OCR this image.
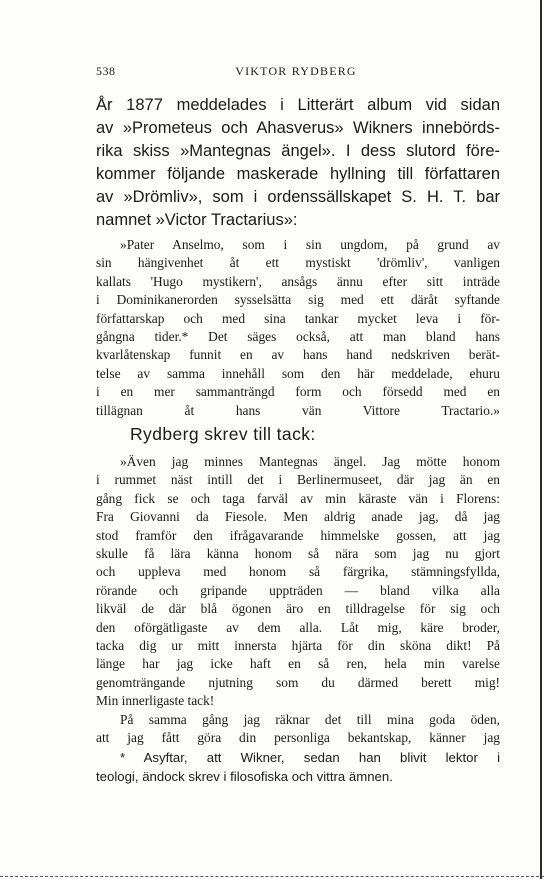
538	VIKTOR RYDBERG
År 1877 meddelades i Litterärt album vid sidan
av »Prometeus och Ahasverus» Wikners innebörds-
rika skiss »Mantegnas ängel». I dess slutord före-
kommer följande maskerade hyllning till författaren
av »Drömliv», som i ordenssällskapet S. H. T. bar
namnet »Victor Tractarius»:
»Pater Anselmo, som i sin ungdom, på grund av
sin hängivenhet åt ett mystiskt 'drömliv', vanligen
kallats 'Hugo mystikern', ansågs ännu efter sitt inträde
i Dominikanerorden sysselsätta sig med ett däråt syftande
författarskap och med sina tankar mycket leva i för-
gångna tider.* Det säges också, att man bland hans
kvarlåtenskap funnit en av hans hand nedskriven berät-
telse av samma innehåll som den här meddelade, ehuru
i en mer sammanträngd form och försedd med en
tillägnan åt hans vän Vittore Tractario.»
Rydberg skrev till tack:
»Även jag minnes Mantegnas ängel. Jag mötte honom
i rummet näst intill det i Berlinermuseet, där jag än en
gång fick se och taga farväl av min käraste vän i Florens:
Fra Giovanni da Fiesole. Men aldrig anade jag, då jag
stod framför den ifrågavarande himmelske gossen, att jag
skulle få lära känna honom så nära som jag nu gjort
och uppleva med honom så färgrika, stämningsfyllda,
rörande och gripande uppträden — bland vilka alla
likväl de där blå ögonen äro en tilldragelse för sig och
den oförgätligaste av dem alla. Låt mig, käre broder,
tacka dig ur mitt innersta hjärta för din sköna dikt! På
länge har jag icke haft en så ren, hela min varelse
genomträngande njutning som du därmed berett mig!
Min innerligaste tack!
På samma gång jag räknar det till mina goda öden,
att jag fått göra din personliga bekantskap, känner jag
* Asyftar, att Wikner, sedan han blivit lektor i
teologi, ändock skrev i filosofiska och vittra ämnen.
